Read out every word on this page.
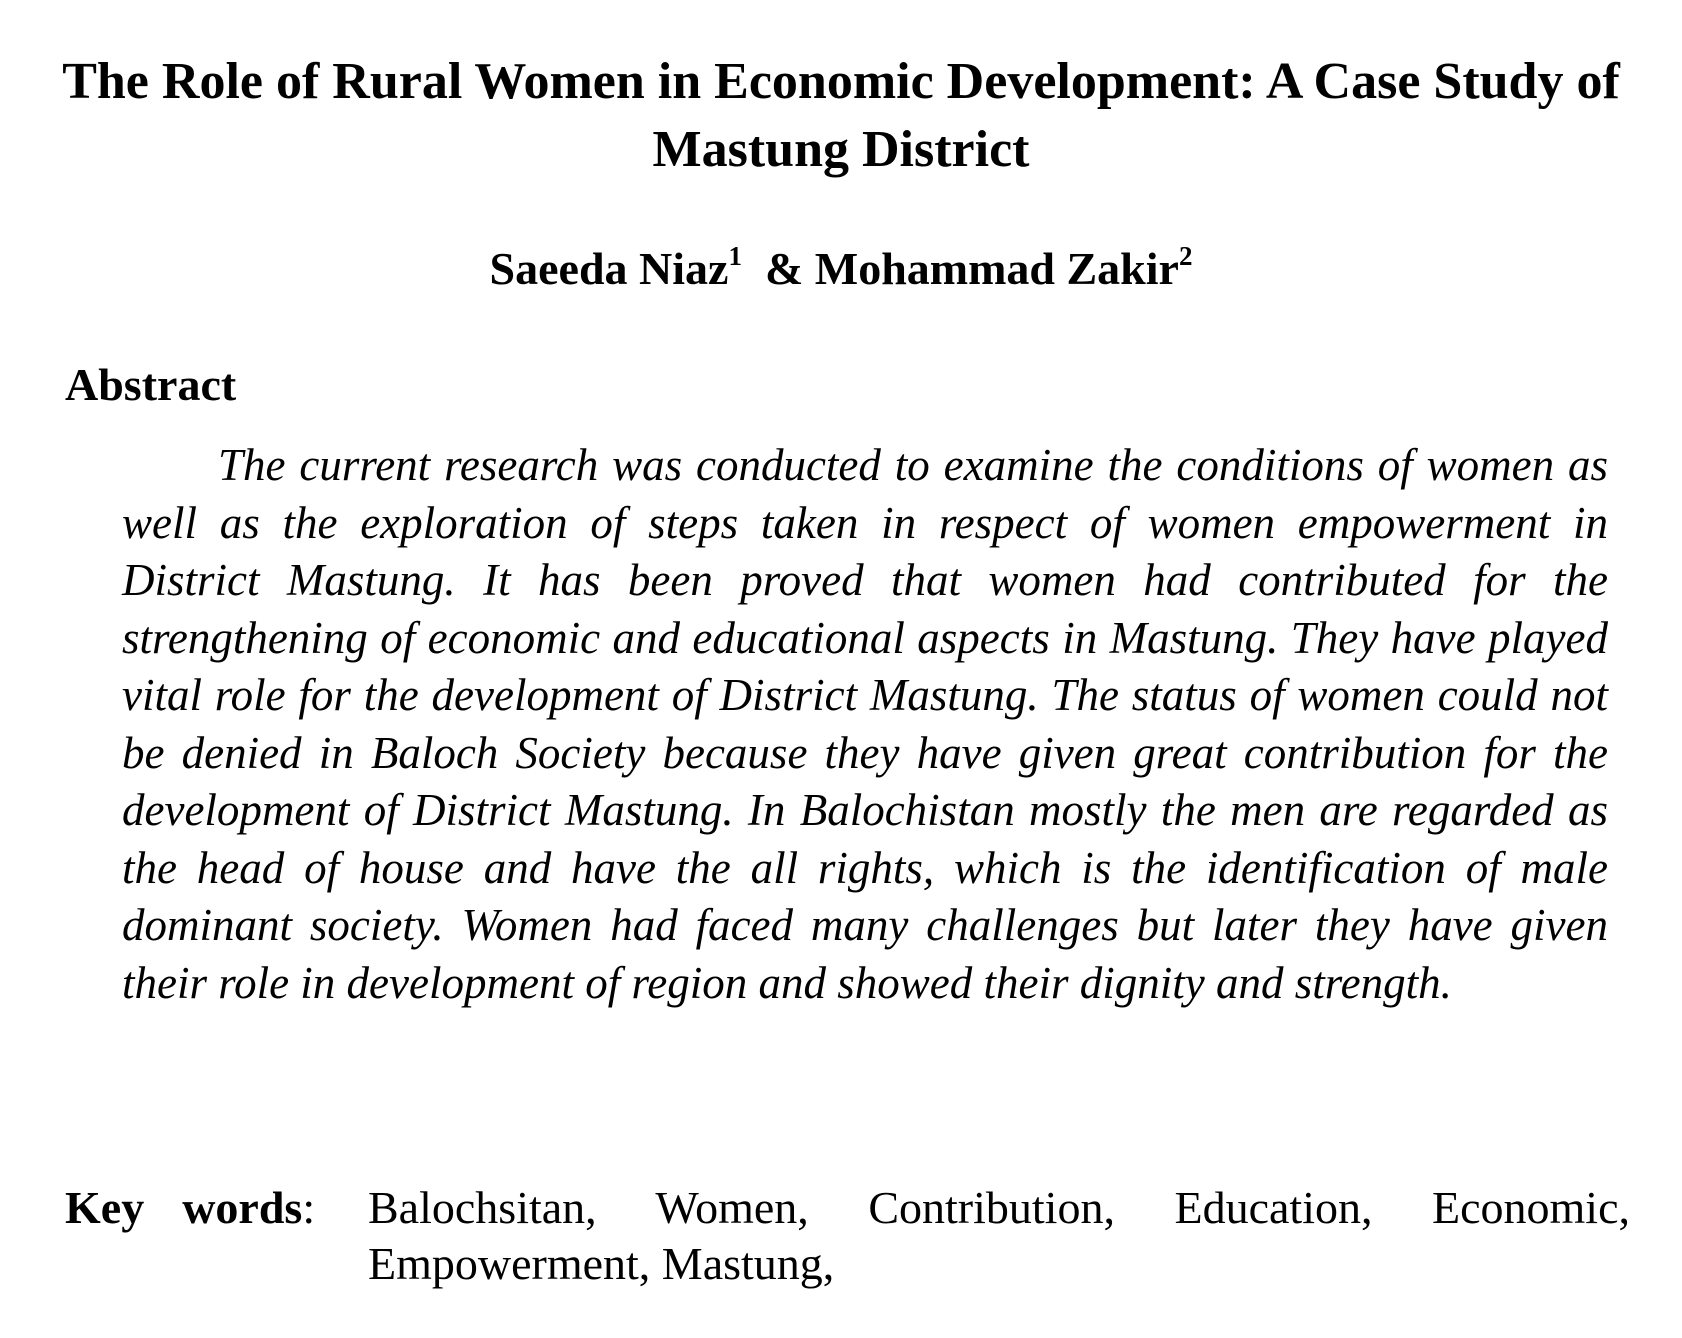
The Role of Rural Women in Economic Development: A Case Study of Mastung District
Saeeda Niaz$^1$ & Mohammad Zakir$^2$
Abstract

The current research was conducted to examine the conditions of women as well as the exploration of steps taken in respect of women empowerment in District Mastung. It has been proved that women had contributed for the strengthening of economic and educational aspects in Mastung. They have played vital role for the development of District Mastung. The status of women could not be denied in Baloch Society because they have given great contribution for the development of District Mastung. In Balochistan mostly the men are regarded as the head of house and have the all rights, which is the identification of male dominant society. Women had faced many challenges but later they have given their role in development of region and showed their dignity and strength.

Key words:	Balochsitan, Women, Contribution, Education, Economic, Empowerment, Mastung,
